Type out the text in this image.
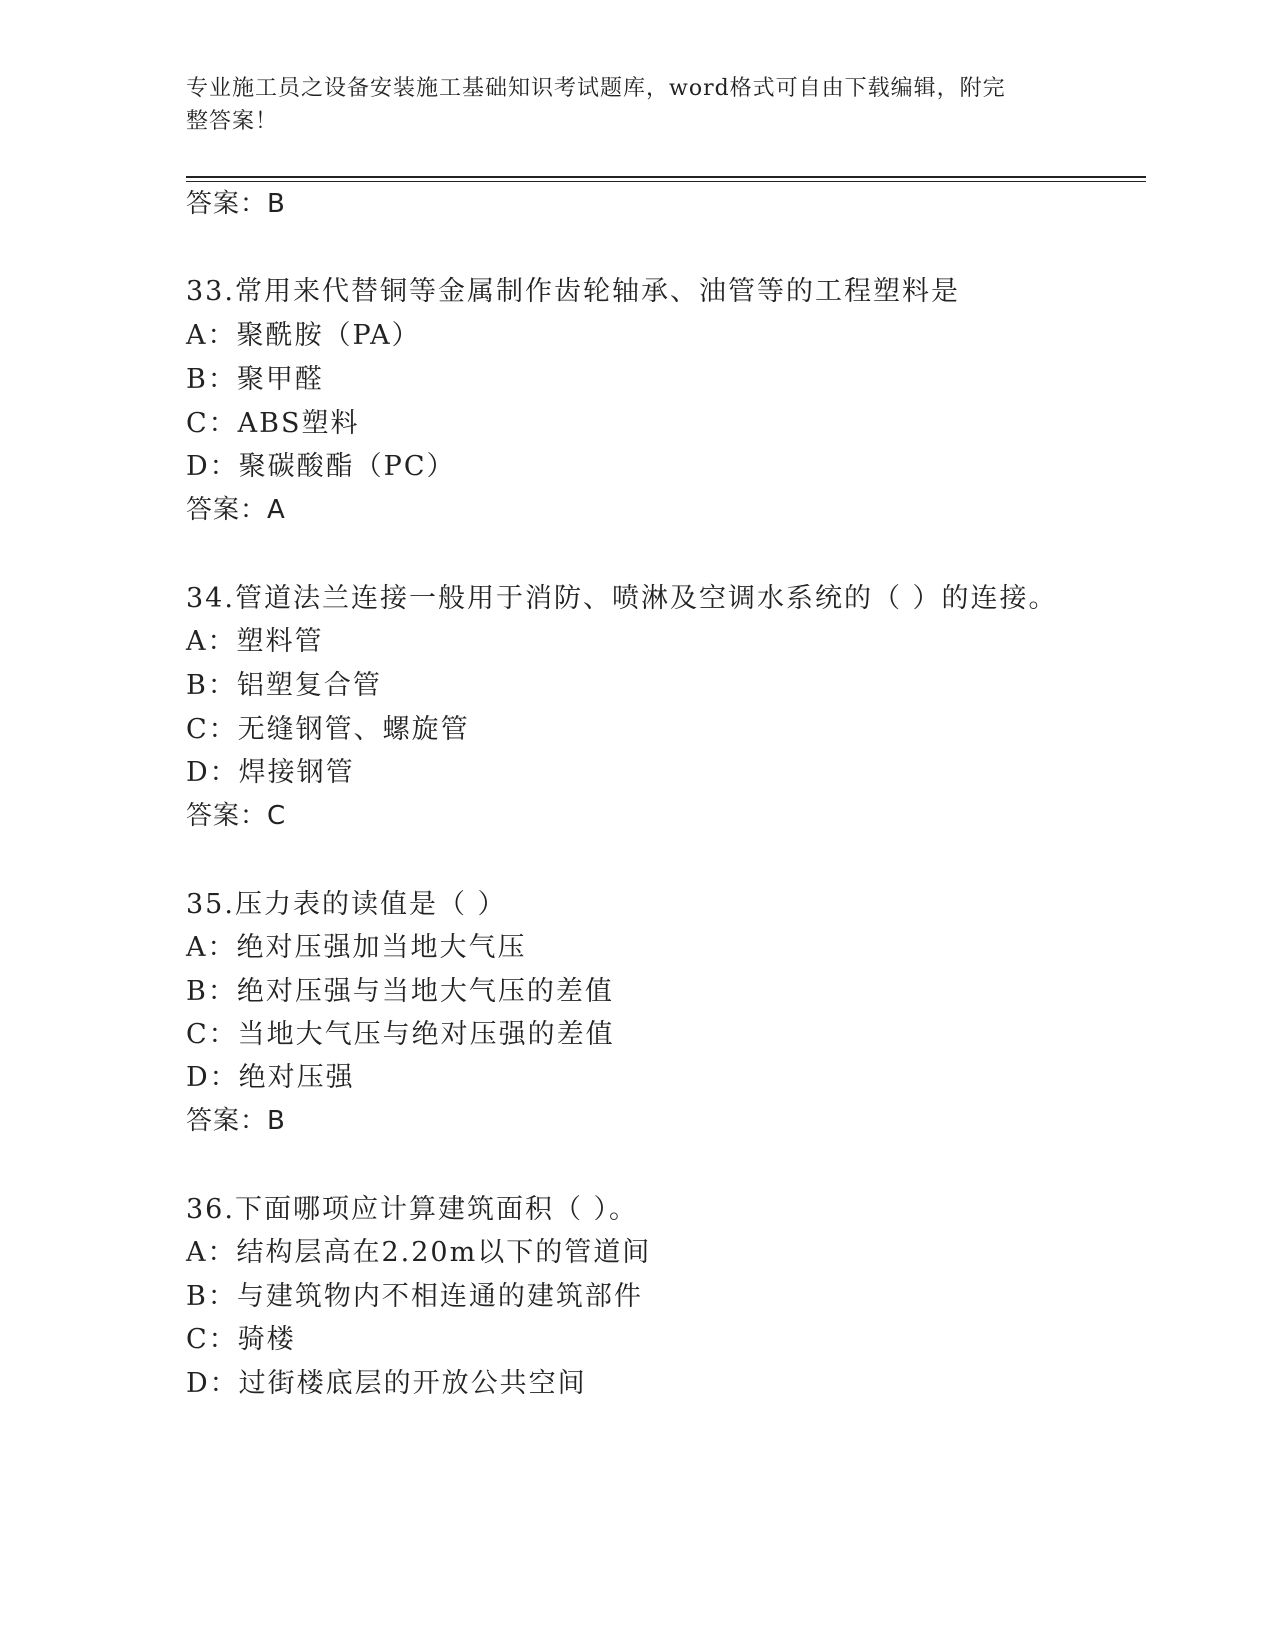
专业施工员之设备安装施工基础知识考试题库，word格式可自由下载编辑，附完
整答案！
答案：B
33.常用来代替铜等金属制作齿轮轴承、油管等的工程塑料是
A：聚酰胺（PA）
B：聚甲醛
C：ABS塑料
D：聚碳酸酯（PC）
答案：A
34.管道法兰连接一般用于消防、喷淋及空调水系统的（ ）的连接。
A：塑料管
B：铝塑复合管
C：无缝钢管、螺旋管
D：焊接钢管
答案：C
35.压力表的读值是（ ）
A：绝对压强加当地大气压
B：绝对压强与当地大气压的差值
C：当地大气压与绝对压强的差值
D：绝对压强
答案：B
36.下面哪项应计算建筑面积（ ）。
A：结构层高在2.20m以下的管道间
B：与建筑物内不相连通的建筑部件
C：骑楼
D：过街楼底层的开放公共空间
